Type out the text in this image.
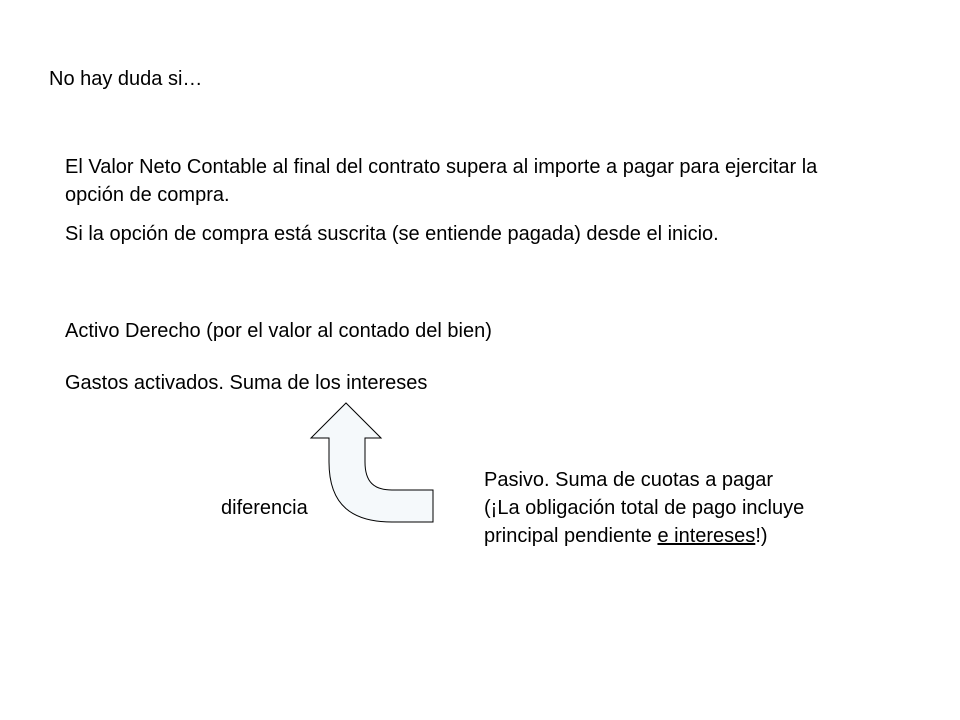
No hay duda si…
El Valor Neto Contable al final del contrato supera al importe a pagar para ejercitar la opción de compra.
Si la opción de compra está suscrita (se entiende pagada) desde el inicio.
Activo Derecho (por el valor al contado del bien)
Gastos activados. Suma de los intereses
diferencia
Pasivo. Suma de cuotas a pagar
(¡La obligación total de pago incluye
principal pendiente e intereses!)
